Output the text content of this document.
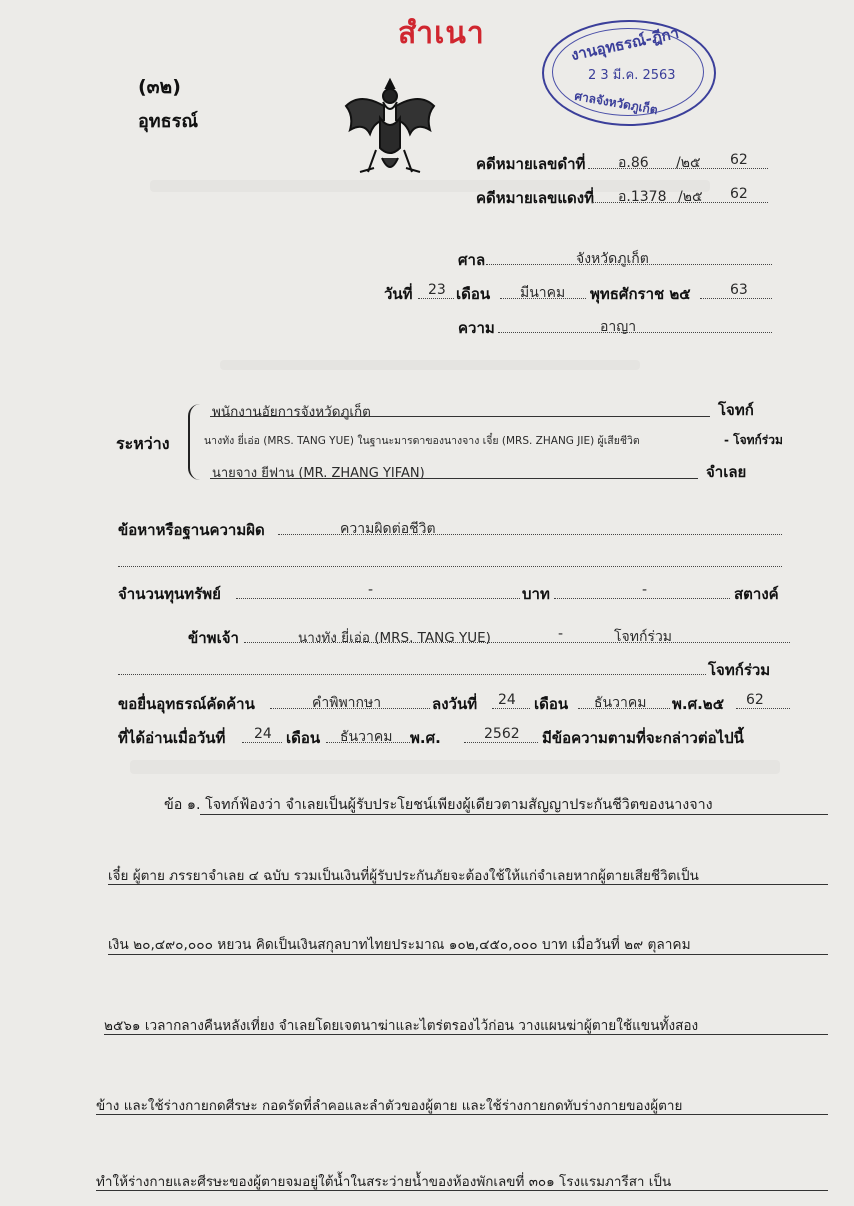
สำเนา	งานอุทธรณ์-ฎีกา
2 3 มี.ค. 2563
ศาลจังหวัดภูเก็ต
(๓๒)
อุทธรณ์
คดีหมายเลขดำที่ อ.86 /๒๕ 62
คดีหมายเลขแดงที่ อ.1378 /๒๕ 62
ศาล	จังหวัดภูเก็ต
วันที่ 23 เดือน มีนาคม พุทธศักราช ๒๕	63
ความ	อาญา
ระหว่าง
พนักงานอัยการจังหวัดภูเก็ต	โจทก์
นางทัง ยี่เอ่อ (MRS. TANG YUE) ในฐานะมารดาของนางจาง เจี๋ย (MRS. ZHANG JIE) ผู้เสียชีวิต	- โจทก์ร่วม
นายจาง ยีฟาน (MR. ZHANG YIFAN)	จำเลย
ข้อหาหรือฐานความผิด	ความผิดต่อชีวิต
จำนวนทุนทรัพย์	-	บาท	-	สตางค์
ข้าพเจ้า	นางทัง ยี่เอ่อ (MRS. TANG YUE)	-	โจทก์ร่วม
โจทก์ร่วม
ขอยื่นอุทธรณ์คัดค้าน	คำพิพากษา	ลงวันที่ 24 เดือน ธันวาคม พ.ศ.๒๕ 62
ที่ได้อ่านเมื่อวันที่ 24 เดือน ธันวาคม พ.ศ.	2562 มีข้อความตามที่จะกล่าวต่อไปนี้
ข้อ ๑. โจทก์ฟ้องว่า จำเลยเป็นผู้รับประโยชน์เพียงผู้เดียวตามสัญญาประกันชีวิตของนางจาง
เจี๋ย ผู้ตาย ภรรยาจำเลย ๔ ฉบับ รวมเป็นเงินที่ผู้รับประกันภัยจะต้องใช้ให้แก่จำเลยหากผู้ตายเสียชีวิตเป็น
เงิน ๒๐,๔๙๐,๐๐๐ หยวน คิดเป็นเงินสกุลบาทไทยประมาณ ๑๐๒,๔๕๐,๐๐๐ บาท เมื่อวันที่ ๒๙ ตุลาคม
๒๕๖๑ เวลากลางคืนหลังเที่ยง จำเลยโดยเจตนาฆ่าและไตร่ตรองไว้ก่อน วางแผนฆ่าผู้ตายใช้แขนทั้งสอง
ข้าง และใช้ร่างกายกดศีรษะ กอดรัดที่ลำคอและลำตัวของผู้ตาย และใช้ร่างกายกดทับร่างกายของผู้ตาย
ทำให้ร่างกายและศีรษะของผู้ตายจมอยู่ใต้น้ำในสระว่ายน้ำของห้องพักเลขที่ ๓๐๑ โรงแรมภารีสา เป็น
